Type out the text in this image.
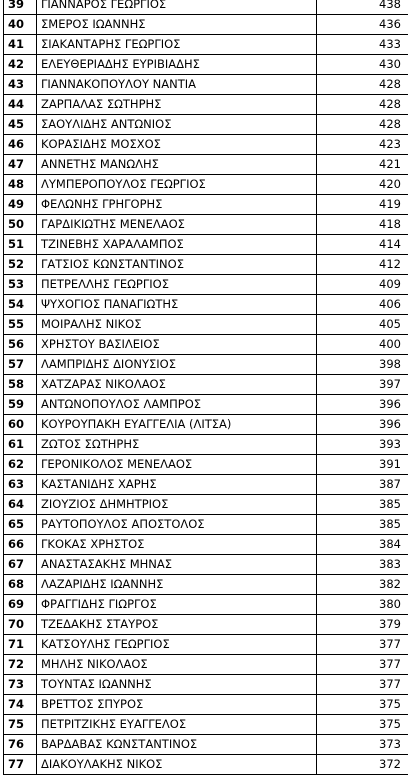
39	ΓΙΑΝΝΑΡΟΣ ΓΕΩΡΓΙΟΣ	438
40	ΣΜΕΡΟΣ ΙΩΑΝΝΗΣ	436
41	ΣΙΑΚΑΝΤΑΡΗΣ ΓΕΩΡΓΙΟΣ	433
42	ΕΛΕΥΘΕΡΙΑΔΗΣ ΕΥΡΙΒΙΑΔΗΣ	430
43	ΓΙΑΝΝΑΚΟΠΟΥΛΟΥ ΝΑΝΤΙΑ	428
44	ΖΑΡΠΑΛΑΣ ΣΩΤΗΡΗΣ	428
45	ΣΑΟΥΛΙΔΗΣ ΑΝΤΩΝΙΟΣ	428
46	ΚΟΡΑΣΙΔΗΣ ΜΟΣΧΟΣ	423
47	ΑΝΝΕΤΗΣ ΜΑΝΩΛΗΣ	421
48	ΛΥΜΠΕΡΟΠΟΥΛΟΣ ΓΕΩΡΓΙΟΣ	420
49	ΦΕΛΩΝΗΣ ΓΡΗΓΟΡΗΣ	419
50	ΓΑΡΔΙΚΙΩΤΗΣ ΜΕΝΕΛΑΟΣ	418
51	ΤΖΙΝΕΒΗΣ ΧΑΡΑΛΑΜΠΟΣ	414
52	ΓΑΤΣΙΟΣ ΚΩΝΣΤΑΝΤΙΝΟΣ	412
53	ΠΕΤΡΕΛΛΗΣ ΓΕΩΡΓΙΟΣ	409
54	ΨΥΧΟΓΙΟΣ ΠΑΝΑΓΙΩΤΗΣ	406
55	ΜΟΙΡΑΛΗΣ ΝΙΚΟΣ	405
56	ΧΡΗΣΤΟΥ ΒΑΣΙΛΕΙΟΣ	400
57	ΛΑΜΠΡΙΔΗΣ ΔΙΟΝΥΣΙΟΣ	398
58	ΧΑΤΖΑΡΑΣ ΝΙΚΟΛΑΟΣ	397
59	ΑΝΤΩΝΟΠΟΥΛΟΣ ΛΑΜΠΡΟΣ	396
60	ΚΟΥΡΟΥΠΑΚΗ ΕΥΑΓΓΕΛΙΑ (ΛΙΤΣΑ)	396
61	ΖΩΤΟΣ ΣΩΤΗΡΗΣ	393
62	ΓΕΡΟΝΙΚΟΛΟΣ ΜΕΝΕΛΑΟΣ	391
63	ΚΑΣΤΑΝΙΔΗΣ ΧΑΡΗΣ	387
64	ΖΙΟΥΖΙΟΣ ΔΗΜΗΤΡΙΟΣ	385
65	ΡΑΥΤΟΠΟΥΛΟΣ ΑΠΟΣΤΟΛΟΣ	385
66	ΓΚΟΚΑΣ ΧΡΗΣΤΟΣ	384
67	ΑΝΑΣΤΑΣΑΚΗΣ ΜΗΝΑΣ	383
68	ΛΑΖΑΡΙΔΗΣ ΙΩΑΝΝΗΣ	382
69	ΦΡΑΓΓΙΔΗΣ ΓΙΩΡΓΟΣ	380
70	ΤΖΕΔΑΚΗΣ ΣΤΑΥΡΟΣ	379
71	ΚΑΤΣΟΥΛΗΣ ΓΕΩΡΓΙΟΣ	377
72	ΜΗΛΗΣ ΝΙΚΟΛΑΟΣ	377
73	ΤΟΥΝΤΑΣ ΙΩΑΝΝΗΣ	377
74	ΒΡΕΤΤΟΣ ΣΠΥΡΟΣ	375
75	ΠΕΤΡΙΤΖΙΚΗΣ ΕΥΑΓΓΕΛΟΣ	375
76	ΒΑΡΔΑΒΑΣ ΚΩΝΣΤΑΝΤΙΝΟΣ	373
77	ΔΙΑΚΟΥΛΑΚΗΣ ΝΙΚΟΣ	372
